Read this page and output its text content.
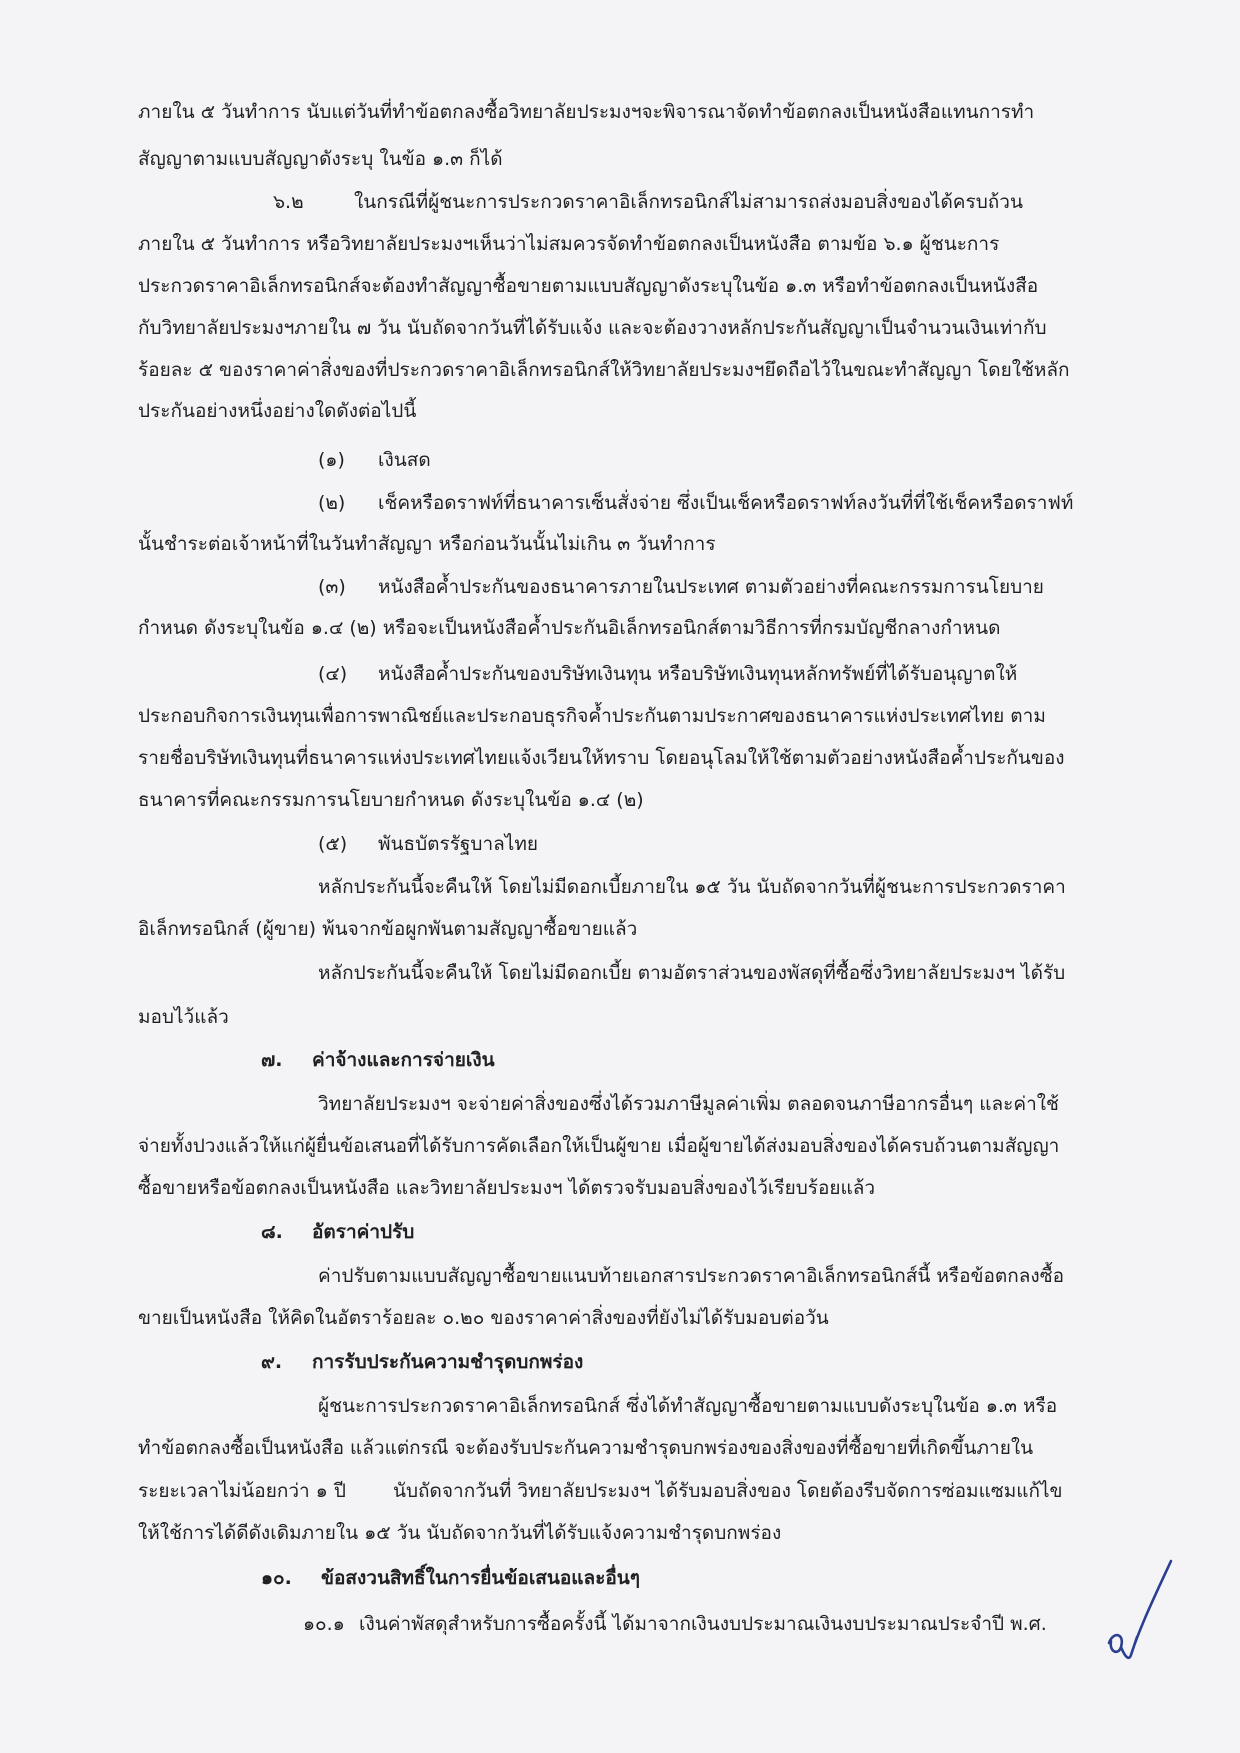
ภายใน ๕ วันทำการ นับแต่วันที่ทำข้อตกลงซื้อวิทยาลัยประมงฯจะพิจารณาจัดทำข้อตกลงเป็นหนังสือแทนการทำ

สัญญาตามแบบสัญญาดังระบุ ในข้อ ๑.๓ ก็ได้

๖.๒	ในกรณีที่ผู้ชนะการประกวดราคาอิเล็กทรอนิกส์ไม่สามารถส่งมอบสิ่งของได้ครบถ้วน

ภายใน ๕ วันทำการ หรือวิทยาลัยประมงฯเห็นว่าไม่สมควรจัดทำข้อตกลงเป็นหนังสือ ตามข้อ ๖.๑ ผู้ชนะการ

ประกวดราคาอิเล็กทรอนิกส์จะต้องทำสัญญาซื้อขายตามแบบสัญญาดังระบุในข้อ ๑.๓ หรือทำข้อตกลงเป็นหนังสือ

กับวิทยาลัยประมงฯภายใน ๗ วัน นับถัดจากวันที่ได้รับแจ้ง และจะต้องวางหลักประกันสัญญาเป็นจำนวนเงินเท่ากับ

ร้อยละ ๕ ของราคาค่าสิ่งของที่ประกวดราคาอิเล็กทรอนิกส์ให้วิทยาลัยประมงฯยึดถือไว้ในขณะทำสัญญา โดยใช้หลัก

ประกันอย่างหนึ่งอย่างใดดังต่อไปนี้

(๑) เงินสด

(๒) เช็คหรือดราฟท์ที่ธนาคารเซ็นสั่งจ่าย ซึ่งเป็นเช็คหรือดราฟท์ลงวันที่ที่ใช้เช็คหรือดราฟท์

นั้นชำระต่อเจ้าหน้าที่ในวันทำสัญญา หรือก่อนวันนั้นไม่เกิน ๓ วันทำการ

(๓) หนังสือค้ำประกันของธนาคารภายในประเทศ ตามตัวอย่างที่คณะกรรมการนโยบาย

กำหนด ดังระบุในข้อ ๑.๔ (๒) หรือจะเป็นหนังสือค้ำประกันอิเล็กทรอนิกส์ตามวิธีการที่กรมบัญชีกลางกำหนด

(๔) หนังสือค้ำประกันของบริษัทเงินทุน หรือบริษัทเงินทุนหลักทรัพย์ที่ได้รับอนุญาตให้

ประกอบกิจการเงินทุนเพื่อการพาณิชย์และประกอบธุรกิจค้ำประกันตามประกาศของธนาคารแห่งประเทศไทย ตาม

รายชื่อบริษัทเงินทุนที่ธนาคารแห่งประเทศไทยแจ้งเวียนให้ทราบ โดยอนุโลมให้ใช้ตามตัวอย่างหนังสือค้ำประกันของ

ธนาคารที่คณะกรรมการนโยบายกำหนด ดังระบุในข้อ ๑.๔ (๒)

(๕) พันธบัตรรัฐบาลไทย

หลักประกันนี้จะคืนให้ โดยไม่มีดอกเบี้ยภายใน ๑๕ วัน นับถัดจากวันที่ผู้ชนะการประกวดราคา

อิเล็กทรอนิกส์ (ผู้ขาย) พ้นจากข้อผูกพันตามสัญญาซื้อขายแล้ว

หลักประกันนี้จะคืนให้ โดยไม่มีดอกเบี้ย ตามอัตราส่วนของพัสดุที่ซื้อซึ่งวิทยาลัยประมงฯ ได้รับ

มอบไว้แล้ว

๗. ค่าจ้างและการจ่ายเงิน

วิทยาลัยประมงฯ จะจ่ายค่าสิ่งของซึ่งได้รวมภาษีมูลค่าเพิ่ม ตลอดจนภาษีอากรอื่นๆ และค่าใช้

จ่ายทั้งปวงแล้วให้แก่ผู้ยื่นข้อเสนอที่ได้รับการคัดเลือกให้เป็นผู้ขาย เมื่อผู้ขายได้ส่งมอบสิ่งของได้ครบถ้วนตามสัญญา

ซื้อขายหรือข้อตกลงเป็นหนังสือ และวิทยาลัยประมงฯ ได้ตรวจรับมอบสิ่งของไว้เรียบร้อยแล้ว

๘. อัตราค่าปรับ

ค่าปรับตามแบบสัญญาซื้อขายแนบท้ายเอกสารประกวดราคาอิเล็กทรอนิกส์นี้ หรือข้อตกลงซื้อ

ขายเป็นหนังสือ ให้คิดในอัตราร้อยละ ๐.๒๐ ของราคาค่าสิ่งของที่ยังไม่ได้รับมอบต่อวัน

๙. การรับประกันความชำรุดบกพร่อง

ผู้ชนะการประกวดราคาอิเล็กทรอนิกส์ ซึ่งได้ทำสัญญาซื้อขายตามแบบดังระบุในข้อ ๑.๓ หรือ

ทำข้อตกลงซื้อเป็นหนังสือ แล้วแต่กรณี จะต้องรับประกันความชำรุดบกพร่องของสิ่งของที่ซื้อขายที่เกิดขึ้นภายใน

ระยะเวลาไม่น้อยกว่า ๑ ปี นับถัดจากวันที่ วิทยาลัยประมงฯ ได้รับมอบสิ่งของ โดยต้องรีบจัดการซ่อมแซมแก้ไข

ให้ใช้การได้ดีดังเดิมภายใน ๑๕ วัน นับถัดจากวันที่ได้รับแจ้งความชำรุดบกพร่อง

๑๐. ข้อสงวนสิทธิ์ในการยื่นข้อเสนอและอื่นๆ

๑๐.๑ เงินค่าพัสดุสำหรับการซื้อครั้งนี้ ได้มาจากเงินงบประมาณเงินงบประมาณประจำปี พ.ศ.
